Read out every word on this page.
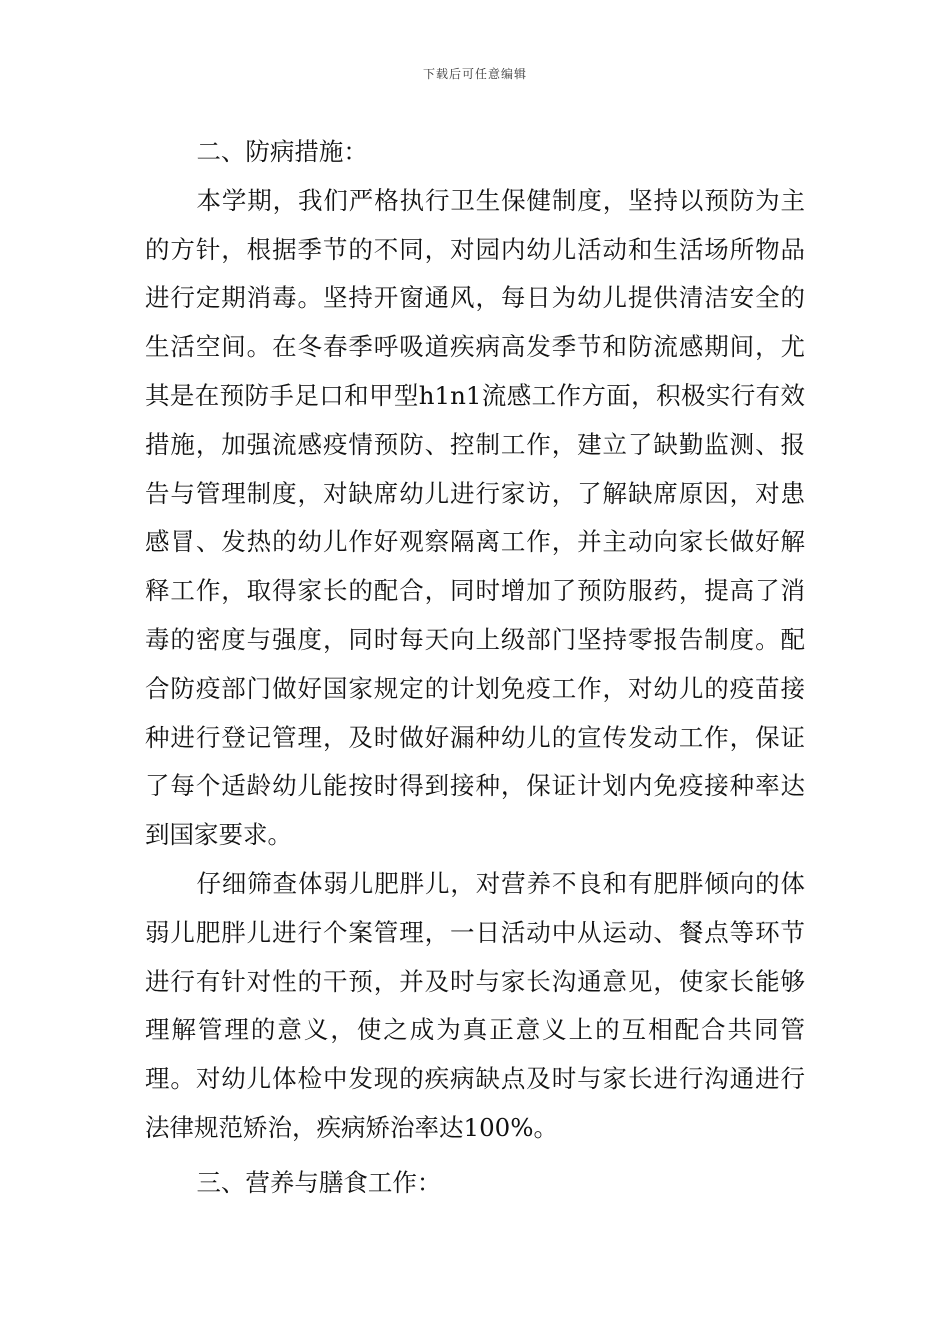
下载后可任意编辑

二、防病措施：

本学期，我们严格执行卫生保健制度，坚持以预防为主的方针，根据季节的不同，对园内幼儿活动和生活场所物品进行定期消毒。坚持开窗通风，每日为幼儿提供清洁安全的生活空间。在冬春季呼吸道疾病高发季节和防流感期间，尤其是在预防手足口和甲型h1n1流感工作方面，积极实行有效措施，加强流感疫情预防、控制工作，建立了缺勤监测、报告与管理制度，对缺席幼儿进行家访，了解缺席原因，对患感冒、发热的幼儿作好观察隔离工作，并主动向家长做好解释工作，取得家长的配合，同时增加了预防服药，提高了消毒的密度与强度，同时每天向上级部门坚持零报告制度。配合防疫部门做好国家规定的计划免疫工作，对幼儿的疫苗接种进行登记管理，及时做好漏种幼儿的宣传发动工作，保证了每个适龄幼儿能按时得到接种，保证计划内免疫接种率达到国家要求。

仔细筛查体弱儿肥胖儿，对营养不良和有肥胖倾向的体弱儿肥胖儿进行个案管理，一日活动中从运动、餐点等环节进行有针对性的干预，并及时与家长沟通意见，使家长能够理解管理的意义，使之成为真正意义上的互相配合共同管理。对幼儿体检中发现的疾病缺点及时与家长进行沟通进行法律规范矫治，疾病矫治率达100%。

三、营养与膳食工作：
